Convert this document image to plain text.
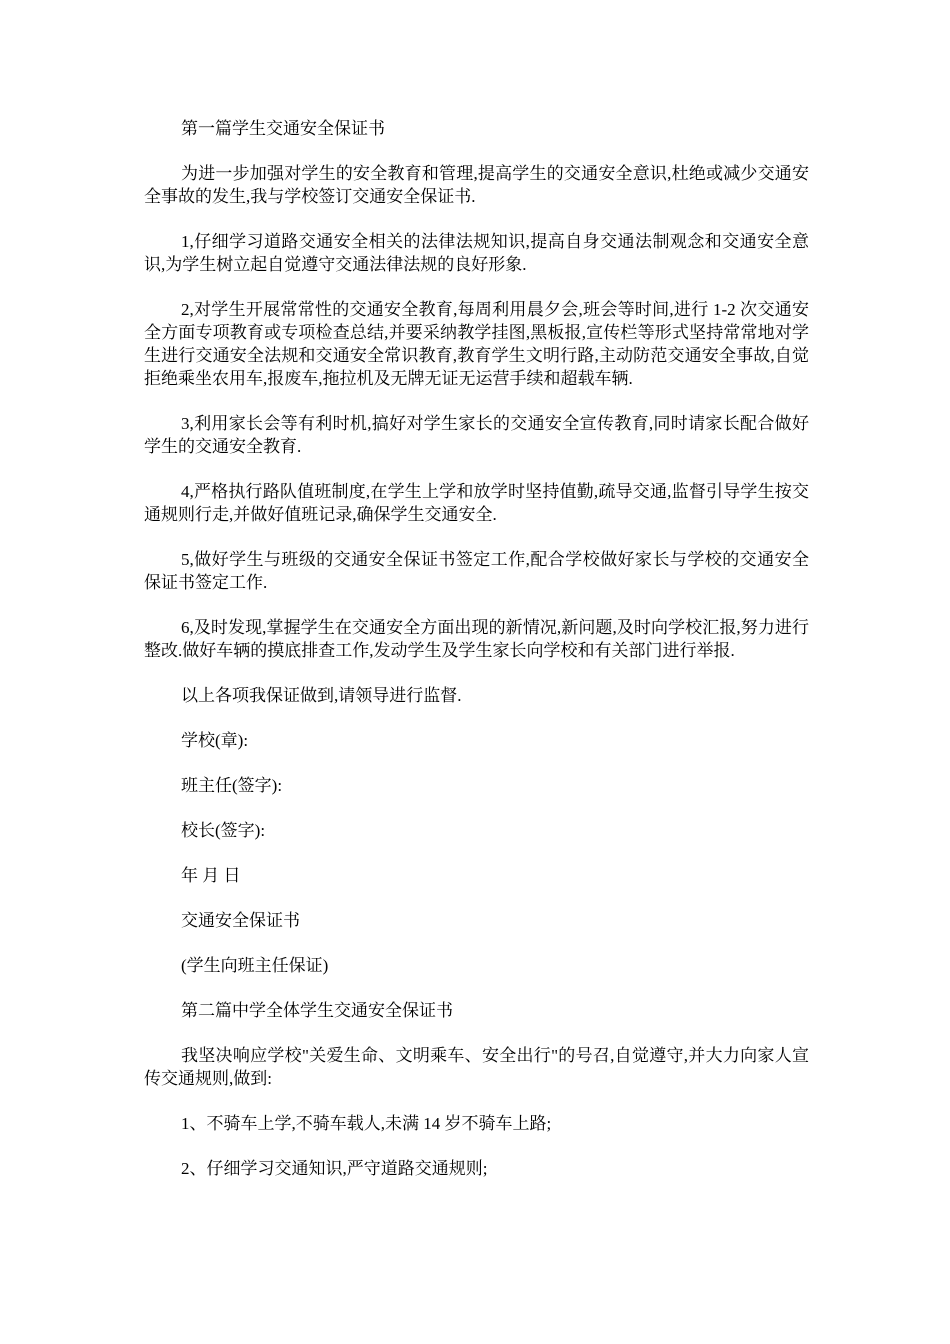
第一篇学生交通安全保证书

为进一步加强对学生的安全教育和管理,提高学生的交通安全意识,杜绝或减少交通安全事故的发生,我与学校签订交通安全保证书.

1,仔细学习道路交通安全相关的法律法规知识,提高自身交通法制观念和交通安全意识,为学生树立起自觉遵守交通法律法规的良好形象.

2,对学生开展常常性的交通安全教育,每周利用晨夕会,班会等时间,进行 1-2 次交通安全方面专项教育或专项检查总结,并要采纳教学挂图,黑板报,宣传栏等形式坚持常常地对学生进行交通安全法规和交通安全常识教育,教育学生文明行路,主动防范交通安全事故,自觉拒绝乘坐农用车,报废车,拖拉机及无牌无证无运营手续和超载车辆.

3,利用家长会等有利时机,搞好对学生家长的交通安全宣传教育,同时请家长配合做好学生的交通安全教育.

4,严格执行路队值班制度,在学生上学和放学时坚持值勤,疏导交通,监督引导学生按交通规则行走,并做好值班记录,确保学生交通安全.

5,做好学生与班级的交通安全保证书签定工作,配合学校做好家长与学校的交通安全保证书签定工作.

6,及时发现,掌握学生在交通安全方面出现的新情况,新问题,及时向学校汇报,努力进行整改.做好车辆的摸底排查工作,发动学生及学生家长向学校和有关部门进行举报.

以上各项我保证做到,请领导进行监督.

学校(章):

班主任(签字):

校长(签字):

年 月 日

交通安全保证书

(学生向班主任保证)

第二篇中学全体学生交通安全保证书

我坚决响应学校"关爱生命、文明乘车、安全出行"的号召,自觉遵守,并大力向家人宣传交通规则,做到:

1、不骑车上学,不骑车载人,未满 14 岁不骑车上路;

2、仔细学习交通知识,严守道路交通规则;
